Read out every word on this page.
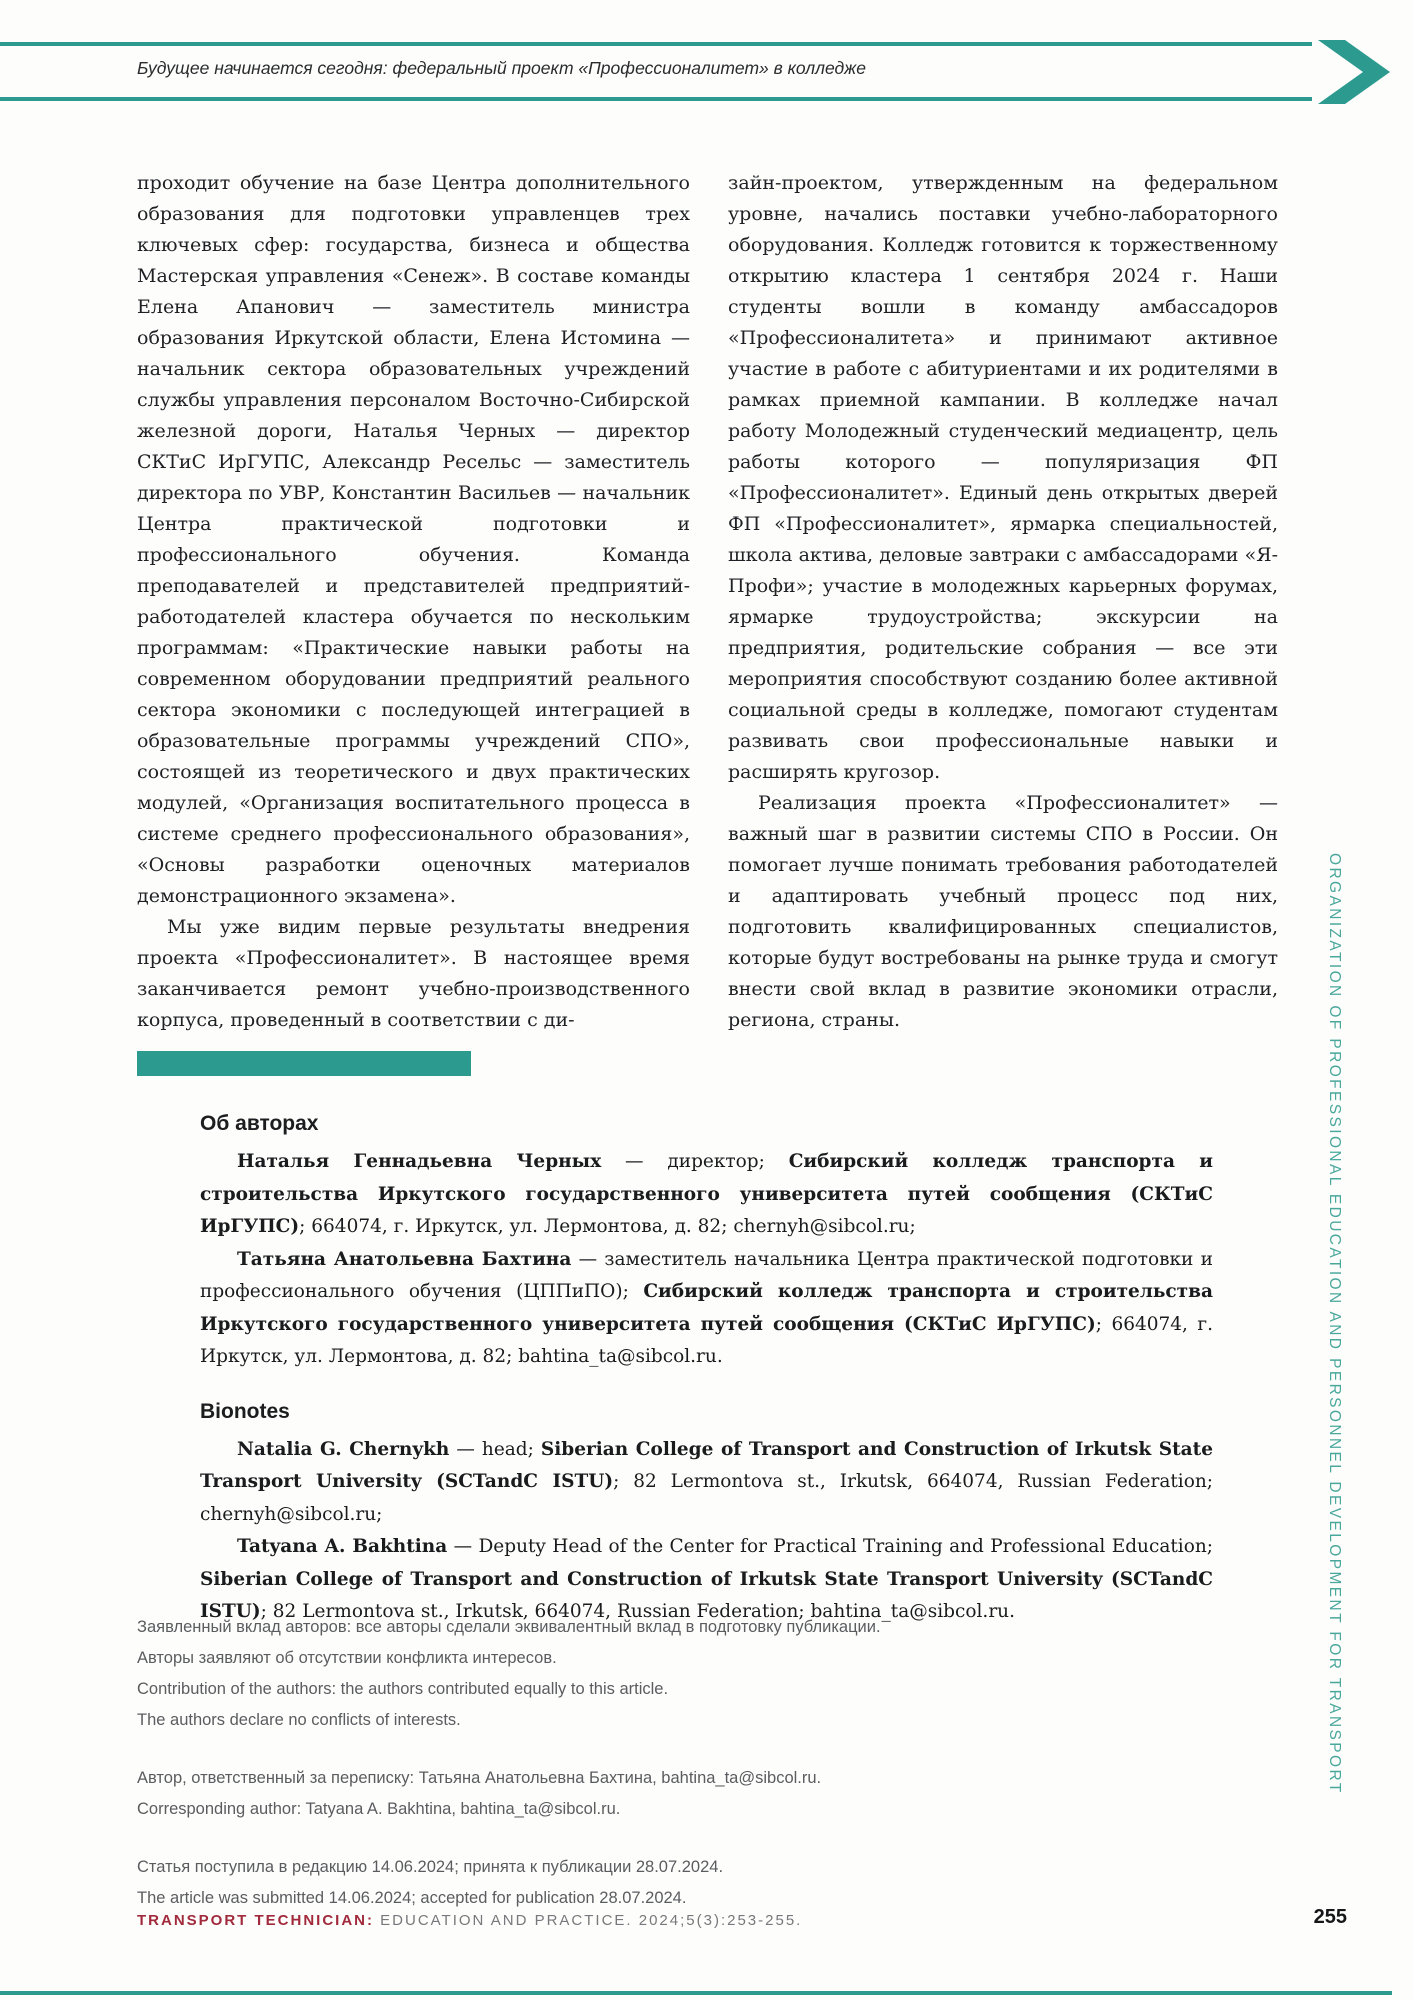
Будущее начинается сегодня: федеральный проект «Профессионалитет» в колледже

проходит обучение на базе Центра дополнительного образования для подготовки управленцев трех ключевых сфер: государства, бизнеса и общества Мастерская управления «Сенеж». В составе команды Елена Апанович — заместитель министра образования Иркутской области, Елена Истомина — начальник сектора образовательных учреждений службы управления персоналом Восточно-Сибирской железной дороги, Наталья Черных — директор СКТиС ИрГУПС, Александр Ресельс — заместитель директора по УВР, Константин Васильев — начальник Центра практической подготовки и профессионального обучения. Команда преподавателей и представителей предприятий-работодателей кластера обучается по нескольким программам: «Практические навыки работы на современном оборудовании предприятий реального сектора экономики с последующей интеграцией в образовательные программы учреждений СПО», состоящей из теоретического и двух практических модулей, «Организация воспитательного процесса в системе среднего профессионального образования», «Основы разработки оценочных материалов демонстрационного экзамена».

Мы уже видим первые результаты внедрения проекта «Профессионалитет». В настоящее время заканчивается ремонт учебно-производственного корпуса, проведенный в соответствии с ди-

зайн-проектом, утвержденным на федеральном уровне, начались поставки учебно-лабораторного оборудования. Колледж готовится к торжественному открытию кластера 1 сентября 2024 г. Наши студенты вошли в команду амбассадоров «Профессионалитета» и принимают активное участие в работе с абитуриентами и их родителями в рамках приемной кампании. В колледже начал работу Молодежный студенческий медиацентр, цель работы которого — популяризация ФП «Профессионалитет». Единый день открытых дверей ФП «Профессионалитет», ярмарка специальностей, школа актива, деловые завтраки с амбассадорами «Я-Профи»; участие в молодежных карьерных форумах, ярмарке трудоустройства; экскурсии на предприятия, родительские собрания — все эти мероприятия способствуют созданию более активной социальной среды в колледже, помогают студентам развивать свои профессиональные навыки и расширять кругозор.

Реализация проекта «Профессионалитет» — важный шаг в развитии системы СПО в России. Он помогает лучше понимать требования работодателей и адаптировать учебный процесс под них, подготовить квалифицированных специалистов, которые будут востребованы на рынке труда и смогут внести свой вклад в развитие экономики отрасли, региона, страны.

Об авторах

Наталья Геннадьевна Черных — директор; Сибирский колледж транспорта и строительства Иркутского государственного университета путей сообщения (СКТиС ИрГУПС); 664074, г. Иркутск, ул. Лермонтова, д. 82; chernyh@sibcol.ru;

Татьяна Анатольевна Бахтина — заместитель начальника Центра практической подготовки и профессионального обучения (ЦППиПО); Сибирский колледж транспорта и строительства Иркутского государственного университета путей сообщения (СКТиС ИрГУПС); 664074, г. Иркутск, ул. Лермонтова, д. 82; bahtina_ta@sibcol.ru.

Bionotes

Natalia G. Chernykh — head; Siberian College of Transport and Construction of Irkutsk State Transport University (SCTandC ISTU); 82 Lermontova st., Irkutsk, 664074, Russian Federation; chernyh@sibcol.ru;

Tatyana A. Bakhtina — Deputy Head of the Center for Practical Training and Professional Education; Siberian College of Transport and Construction of Irkutsk State Transport University (SCTandC ISTU); 82 Lermontova st., Irkutsk, 664074, Russian Federation; bahtina_ta@sibcol.ru.

Заявленный вклад авторов: все авторы сделали эквивалентный вклад в подготовку публикации.

Авторы заявляют об отсутствии конфликта интересов.

Contribution of the authors: the authors contributed equally to this article.

The authors declare no conflicts of interests.

Автор, ответственный за переписку: Татьяна Анатольевна Бахтина, bahtina_ta@sibcol.ru.

Corresponding author: Tatyana A. Bakhtina, bahtina_ta@sibcol.ru.

Статья поступила в редакцию 14.06.2024; принята к публикации 28.07.2024.

The article was submitted 14.06.2024; accepted for publication 28.07.2024.

TRANSPORT TECHNICIAN: EDUCATION AND PRACTICE. 2024;5(3):253-255.	255
ORGANIZATION OF PROFESSIONAL EDUCATION AND PERSONNEL DEVELOPMENT FOR TRANSPORT
